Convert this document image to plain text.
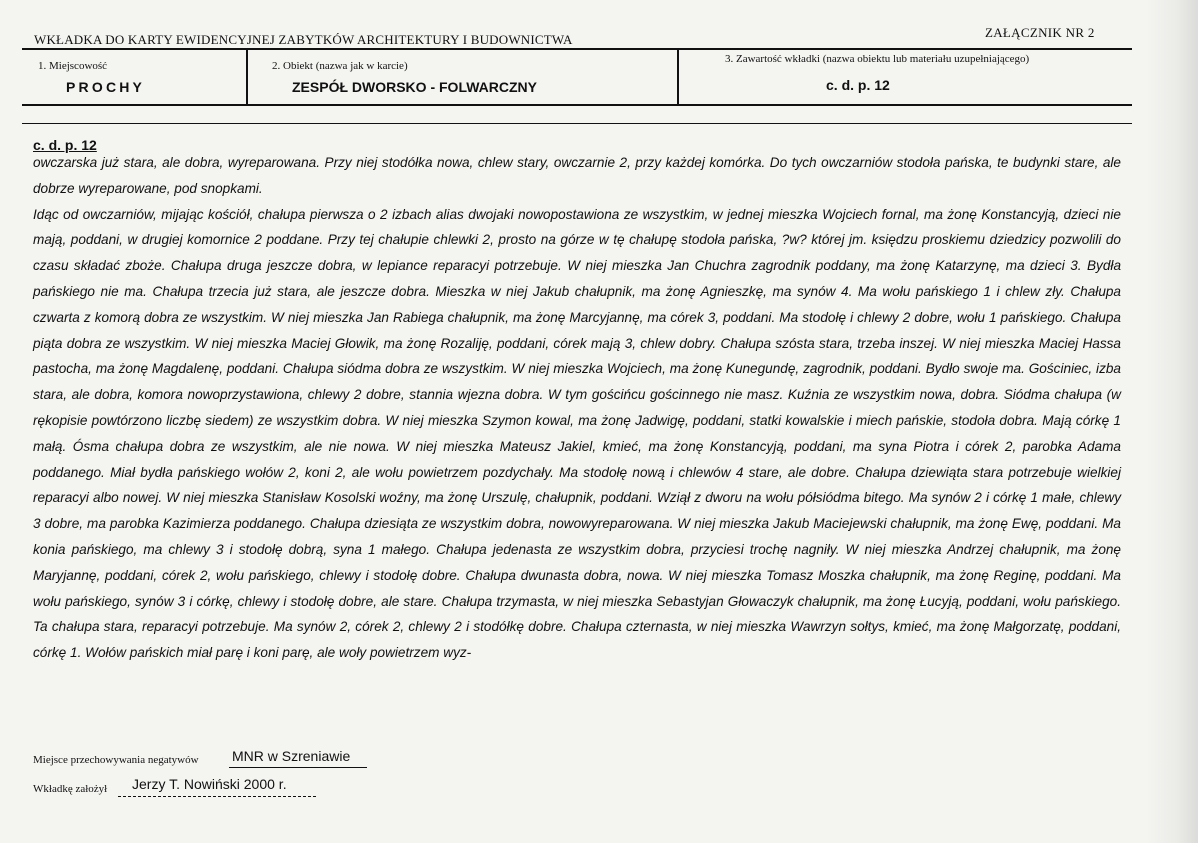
WKŁADKA DO KARTY EWIDENCYJNEJ ZABYTKÓW ARCHITEKTURY I BUDOWNICTWA	ZAŁĄCZNIK NR 2
1. Miejscowość
PROCHY
2. Obiekt (nazwa jak w karcie)
ZESPÓŁ DWORSKO - FOLWARCZNY
3. Zawartość wkładki (nazwa obiektu lub materiału uzupełniającego)
c. d. p. 12
c. d. p. 12

owczarska już stara, ale dobra, wyreparowana. Przy niej stodółka nowa, chlew stary, owczarnie 2, przy każdej komórka. Do tych owczarniów stodoła pańska, te budynki stare, ale dobrze wyreparowane, pod snopkami.

Idąc od owczarniów, mijając kościół, chałupa pierwsza o 2 izbach alias dwojaki nowopostawiona ze wszystkim, w jednej mieszka Wojciech fornal, ma żonę Konstancyją, dzieci nie mają, poddani, w drugiej komornice 2 poddane. Przy tej chałupie chlewki 2, prosto na górze w tę chałupę stodoła pańska, ?w? której jm. księdzu proskiemu dziedzicy pozwolili do czasu składać zboże. Chałupa druga jeszcze dobra, w lepiance reparacyi potrzebuje. W niej mieszka Jan Chuchra zagrodnik poddany, ma żonę Katarzynę, ma dzieci 3. Bydła pańskiego nie ma. Chałupa trzecia już stara, ale jeszcze dobra. Mieszka w niej Jakub chałupnik, ma żonę Agnieszkę, ma synów 4. Ma wołu pańskiego 1 i chlew zły. Chałupa czwarta z komorą dobra ze wszystkim. W niej mieszka Jan Rabiega chałupnik, ma żonę Marcyjannę, ma córek 3, poddani. Ma stodołę i chlewy 2 dobre, wołu 1 pańskiego. Chałupa piąta dobra ze wszystkim. W niej mieszka Maciej Głowik, ma żonę Rozaliję, poddani, córek mają 3, chlew dobry. Chałupa szósta stara, trzeba inszej. W niej mieszka Maciej Hassa pastocha, ma żonę Magdalenę, poddani. Chałupa siódma dobra ze wszystkim. W niej mieszka Wojciech, ma żonę Kunegundę, zagrodnik, poddani. Bydło swoje ma. Gościniec, izba stara, ale dobra, komora nowoprzystawiona, chlewy 2 dobre, stannia wjezna dobra. W tym gościńcu gościnnego nie masz. Kuźnia ze wszystkim nowa, dobra. Siódma chałupa (w rękopisie powtórzono liczbę siedem) ze wszystkim dobra. W niej mieszka Szymon kowal, ma żonę Jadwigę, poddani, statki kowalskie i miech pańskie, stodoła dobra. Mają córkę 1 małą. Ósma chałupa dobra ze wszystkim, ale nie nowa. W niej mieszka Mateusz Jakiel, kmieć, ma żonę Konstancyją, poddani, ma syna Piotra i córek 2, parobka Adama poddanego. Miał bydła pańskiego wołów 2, koni 2, ale wołu powietrzem pozdychały. Ma stodołę nową i chlewów 4 stare, ale dobre. Chałupa dziewiąta stara potrzebuje wielkiej reparacyi albo nowej. W niej mieszka Stanisław Kosolski woźny, ma żonę Urszulę, chałupnik, poddani. Wziął z dworu na wołu półsiódma bitego. Ma synów 2 i córkę 1 małe, chlewy 3 dobre, ma parobka Kazimierza poddanego. Chałupa dziesiąta ze wszystkim dobra, nowowyreparowana. W niej mieszka Jakub Maciejewski chałupnik, ma żonę Ewę, poddani. Ma konia pańskiego, ma chlewy 3 i stodołę dobrą, syna 1 małego. Chałupa jedenasta ze wszystkim dobra, przyciesi trochę nagniły. W niej mieszka Andrzej chałupnik, ma żonę Maryjannę, poddani, córek 2, wołu pańskiego, chlewy i stodołę dobre. Chałupa dwunasta dobra, nowa. W niej mieszka Tomasz Moszka chałupnik, ma żonę Reginę, poddani. Ma wołu pańskiego, synów 3 i córkę, chlewy i stodołę dobre, ale stare. Chałupa trzymasta, w niej mieszka Sebastyjan Głowaczyk chałupnik, ma żonę Łucyją, poddani, wołu pańskiego. Ta chałupa stara, reparacyi potrzebuje. Ma synów 2, córek 2, chlewy 2 i stodółkę dobre. Chałupa czternasta, w niej mieszka Wawrzyn sołtys, kmieć, ma żonę Małgorzatę, poddani, córkę 1. Wołów pańskich miał parę i koni parę, ale woły powietrzem wyz-

Miejsce przechowywania negatywów MNR w Szreniawie
Wkładkę założył Jerzy T. Nowiński 2000 r.
